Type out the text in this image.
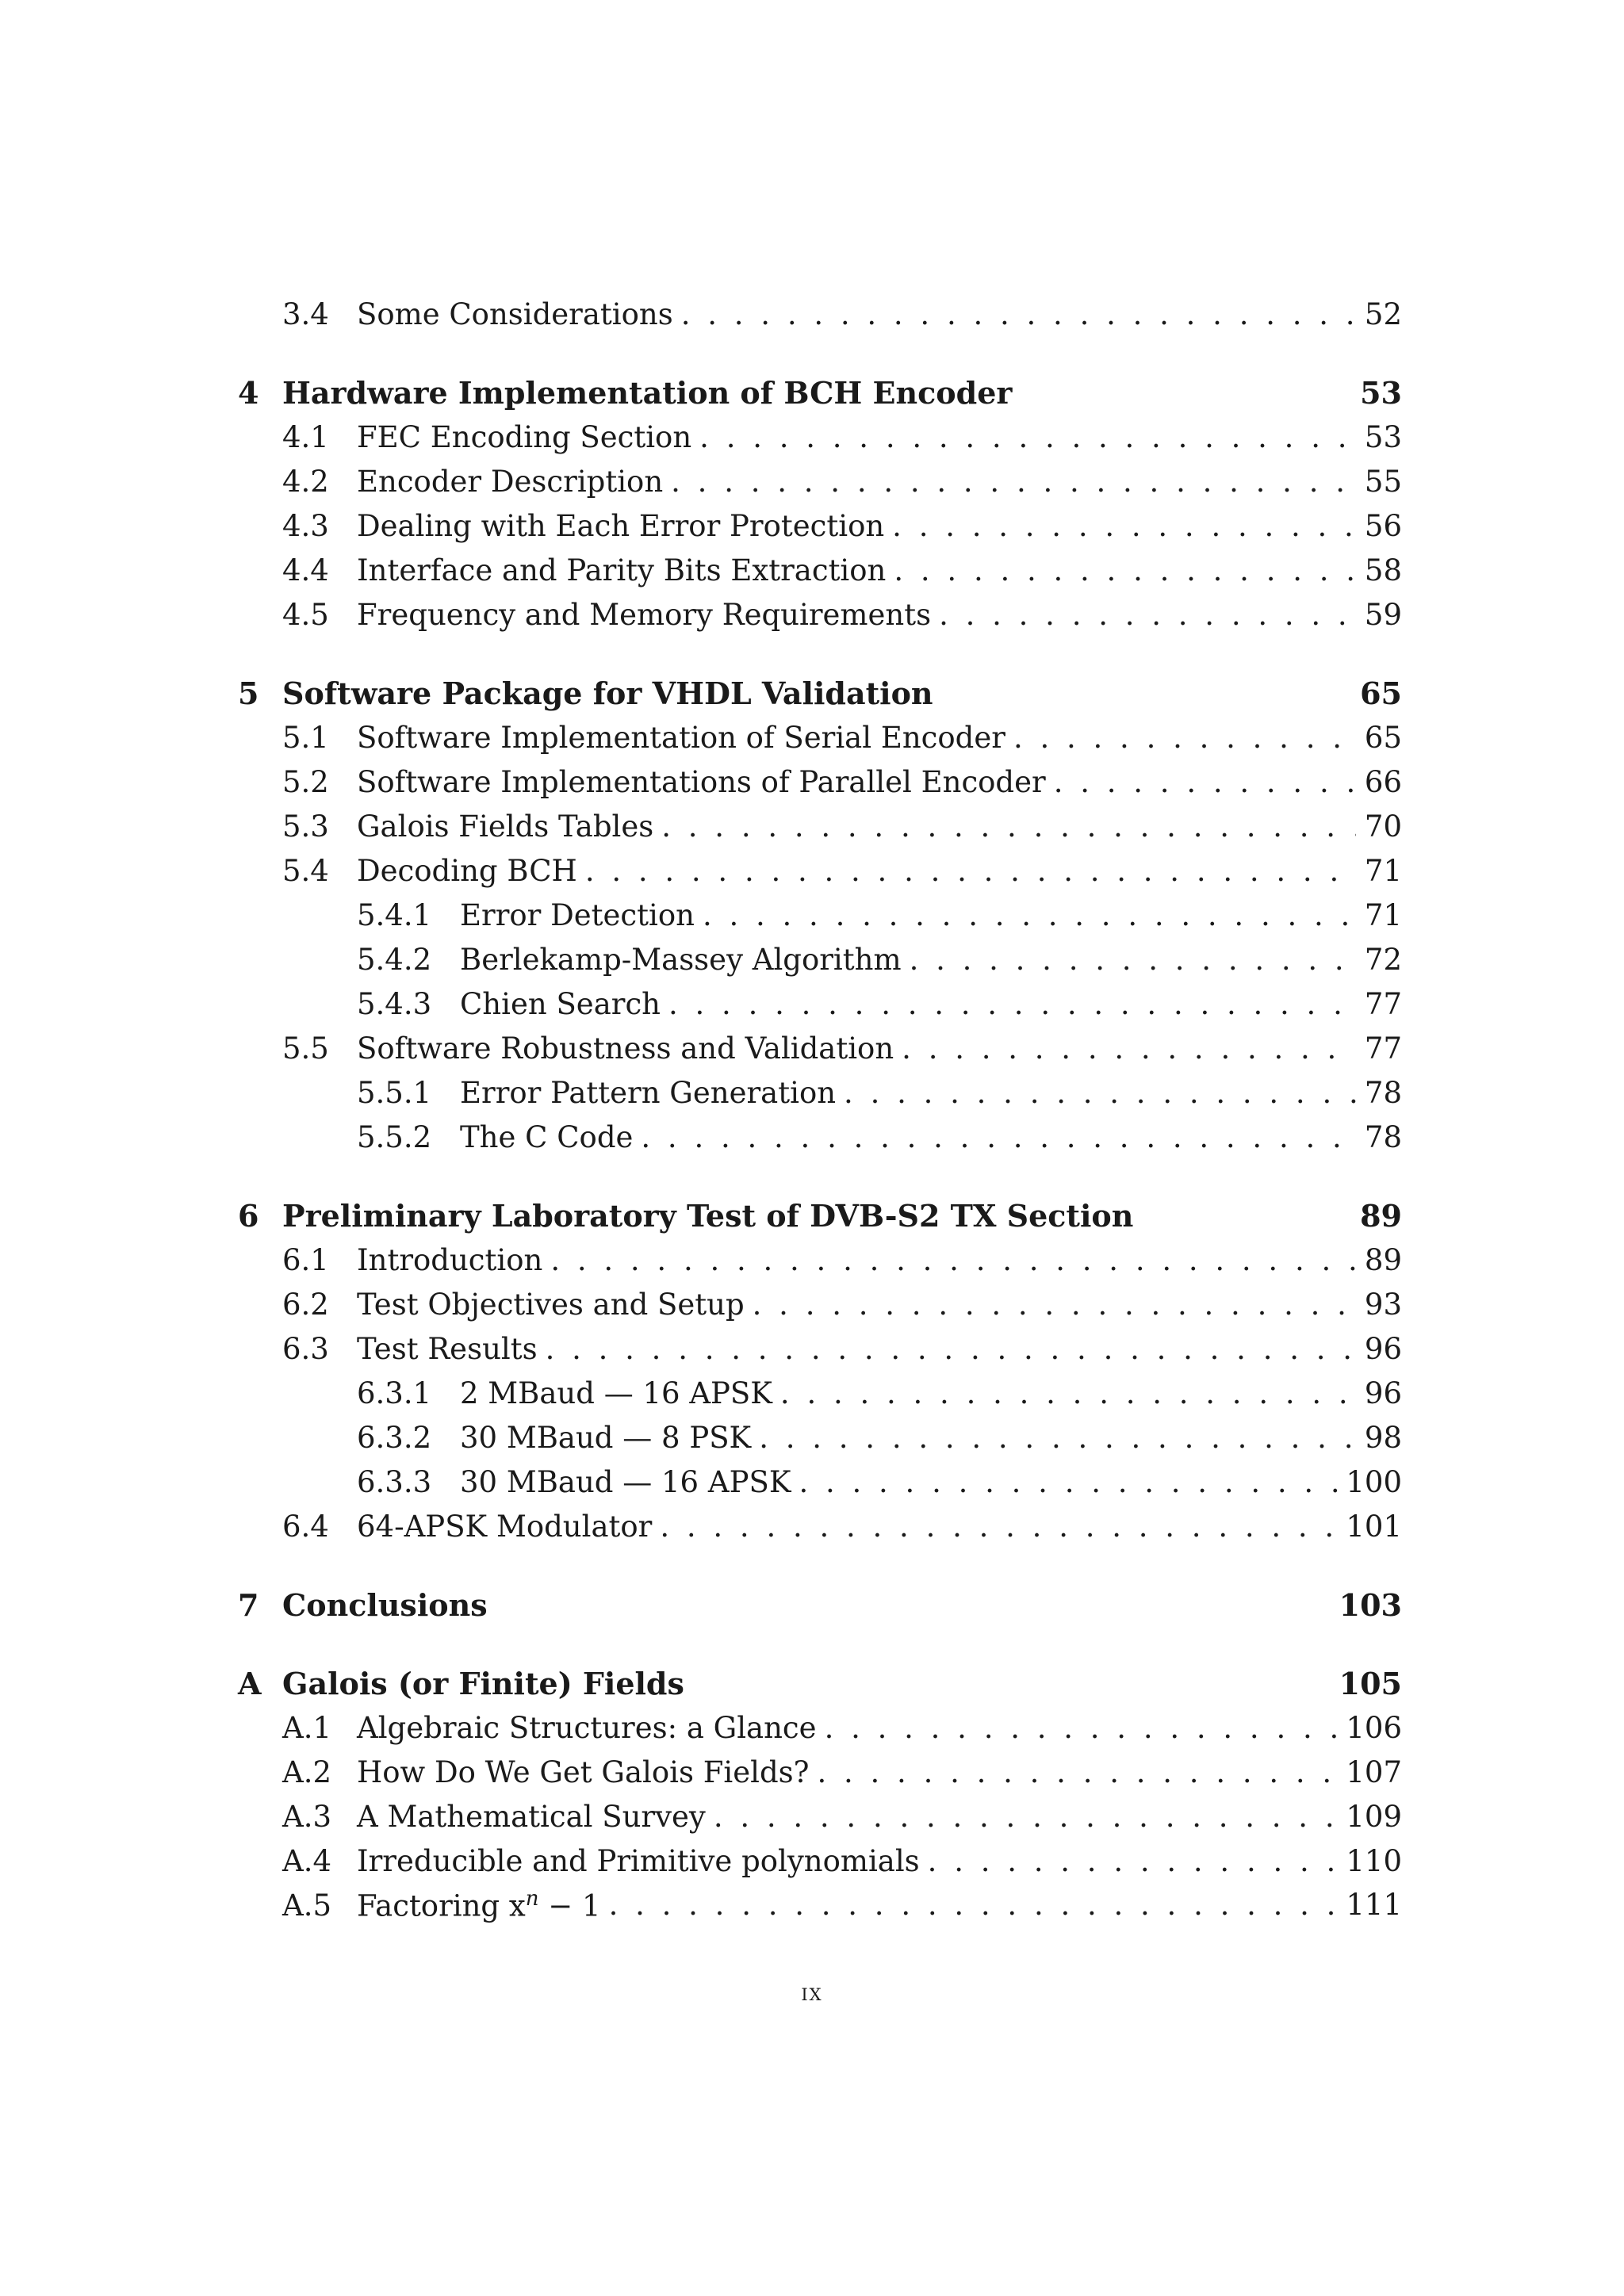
3.4 Some Considerations . . .	52
4 Hardware Implementation of BCH Encoder	53
4.1 FEC Encoding Section . . .	53
4.2 Encoder Description . . .	55
4.3 Dealing with Each Error Protection . . .	56
4.4 Interface and Parity Bits Extraction . . .	58
4.5 Frequency and Memory Requirements . . .	59
5 Software Package for VHDL Validation	65
5.1 Software Implementation of Serial Encoder . . .	65
5.2 Software Implementations of Parallel Encoder . . .	66
5.3 Galois Fields Tables . . .	70
5.4 Decoding BCH . . .	71
5.4.1 Error Detection . . .	71
5.4.2 Berlekamp-Massey Algorithm . . .	72
5.4.3 Chien Search . . .	77
5.5 Software Robustness and Validation . . .	77
5.5.1 Error Pattern Generation . . .	78
5.5.2 The C Code . . .	78
6 Preliminary Laboratory Test of DVB-S2 TX Section	89
6.1 Introduction . . .	89
6.2 Test Objectives and Setup . . .	93
6.3 Test Results . . .	96
6.3.1 2 MBaud — 16 APSK . . .	96
6.3.2 30 MBaud — 8 PSK . . .	98
6.3.3 30 MBaud — 16 APSK . . .	100
6.4 64-APSK Modulator . . .	101
7 Conclusions	103
A Galois (or Finite) Fields	105
A.1 Algebraic Structures: a Glance . . .	106
A.2 How Do We Get Galois Fields? . . .	107
A.3 A Mathematical Survey . . .	109
A.4 Irreducible and Primitive polynomials . . .	110
A.5 Factoring $x^n - 1$ . . .	111
ix
